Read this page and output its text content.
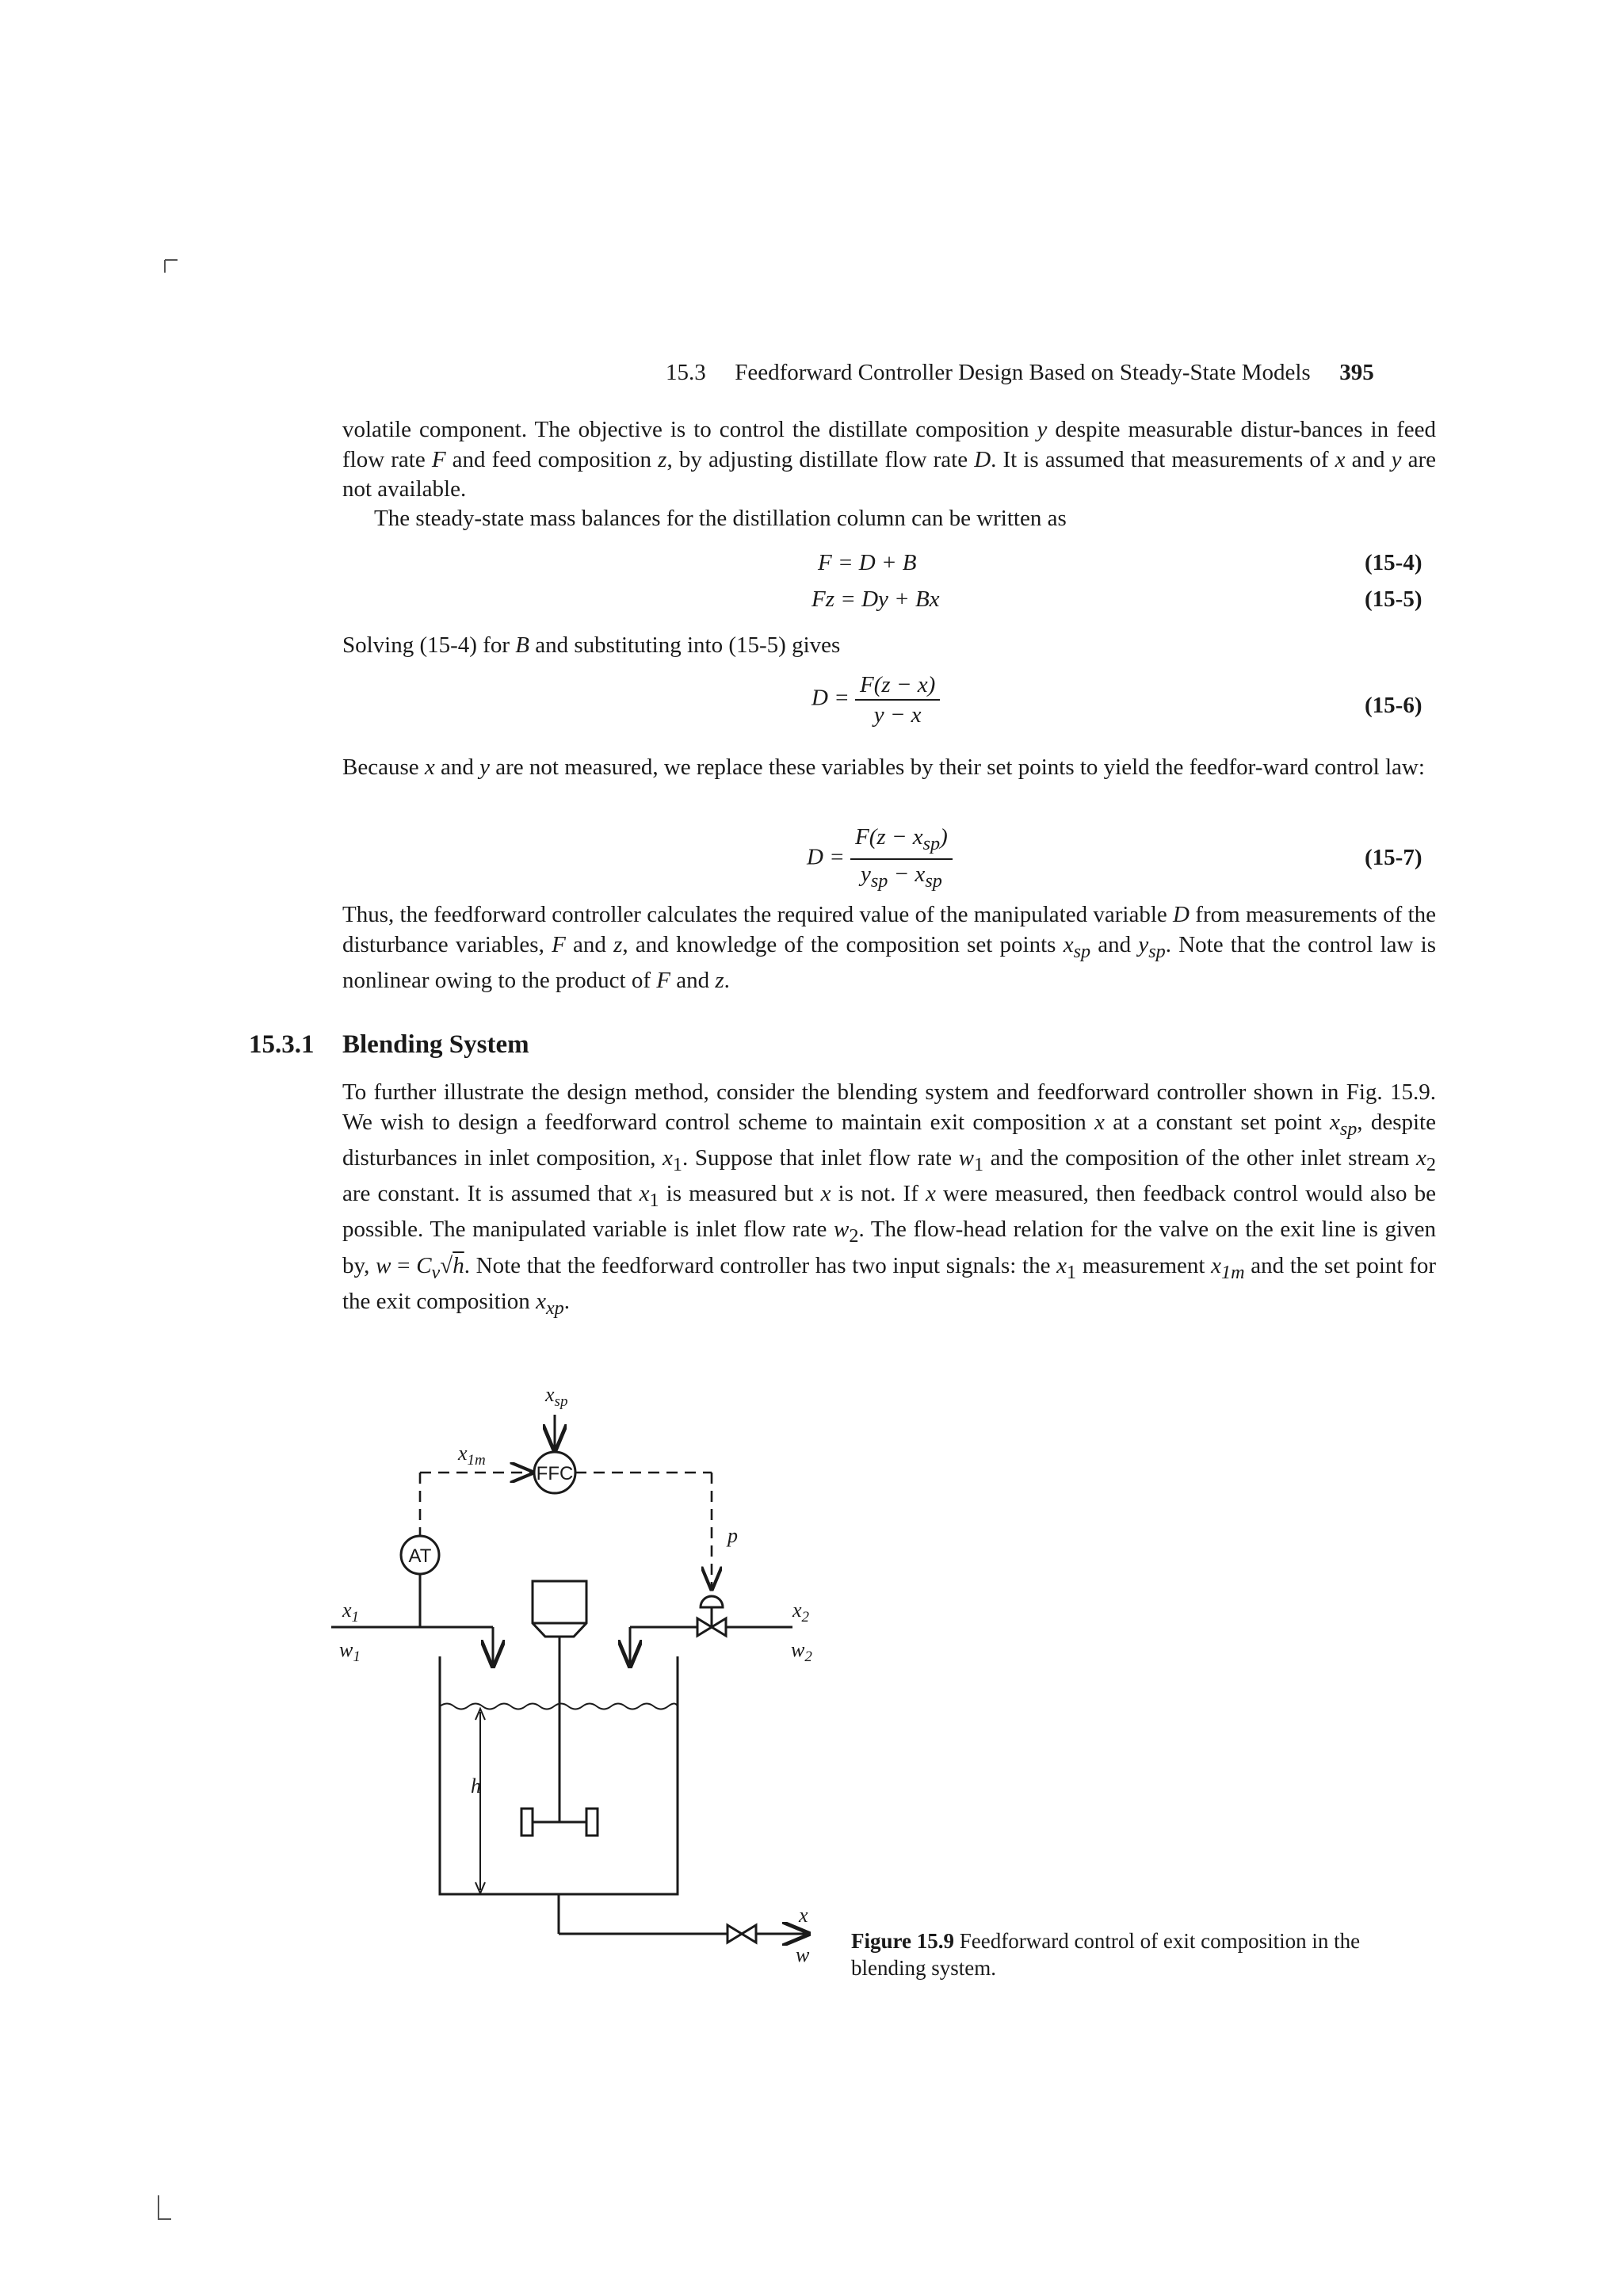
15.3 Feedforward Controller Design Based on Steady-State Models 395
volatile component. The objective is to control the distillate composition y despite measurable distur-bances in feed flow rate F and feed composition z, by adjusting distillate flow rate D. It is assumed that measurements of x and y are not available.
The steady-state mass balances for the distillation column can be written as
F = D + B	(15-4)
Fz = Dy + Bx	(15-5)
Solving (15-4) for B and substituting into (15-5) gives
$D = \frac{F(z - x)}{y - x}$	(15-6)
Because x and y are not measured, we replace these variables by their set points to yield the feedfor-ward control law:
$D = \frac{F(z - x_{sp})}{y_{sp} - x_{sp}}$	(15-7)
Thus, the feedforward controller calculates the required value of the manipulated variable D from measurements of the disturbance variables, F and z, and knowledge of the composition set points $x_{sp}$ and $y_{sp}$. Note that the control law is nonlinear owing to the product of F and z.
15.3.1 Blending System
To further illustrate the design method, consider the blending system and feedforward controller shown in Fig. 15.9. We wish to design a feedforward control scheme to maintain exit composition x at a constant set point $x_{sp}$, despite disturbances in inlet composition, $x_1$. Suppose that inlet flow rate $w_1$ and the composition of the other inlet stream $x_2$ are constant. It is assumed that $x_1$ is measured but x is not. If x were measured, then feedback control would also be possible. The manipulated variable is inlet flow rate $w_2$. The flow-head relation for the valve on the exit line is given by, $w = C_v√h$. Note that the feedforward controller has two input signals: the $x_1$ measurement $x_{1m}$ and the set point for the exit composition $x_{xp}$.
$x_{sp}$
$x_{1m}$
FFC
AT
p
$x_1$
$w_1$
$x_2$
$w_2$
h
x
w
Figure 15.9 Feedforward control of exit composition in the blending system.
